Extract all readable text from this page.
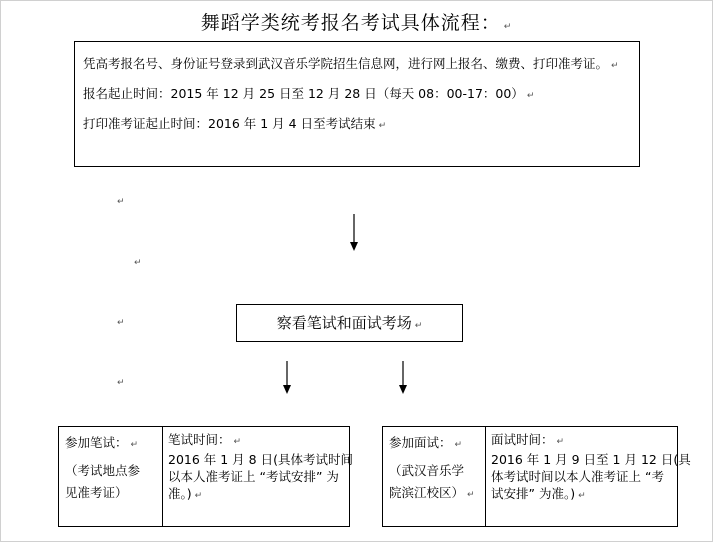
舞蹈学类统考报名考试具体流程： ↵
凭高考报名号、身份证号登录到武汉音乐学院招生信息网，进行网上报名、缴费、打印准考证。 ↵
报名起止时间：2015 年 12 月 25 日至 12 月 28 日（每天 08：00-17：00） ↵
打印准考证起止时间：2016 年 1 月 4 日至考试结束 ↵
↵
↵
↵
↵
察看笔试和面试考场 ↵
参加笔试： ↵
（考试地点参
见准考证）
笔试时间： ↵
2016 年 1 月 8 日(具体考试时间
以本人准考证上 “考试安排” 为
准。) ↵
参加面试： ↵
（武汉音乐学
院滨江校区） ↵
面试时间： ↵
2016 年 1 月 9 日至 1 月 12 日(具
体考试时间以本人准考证上 “考
试安排” 为准。) ↵
